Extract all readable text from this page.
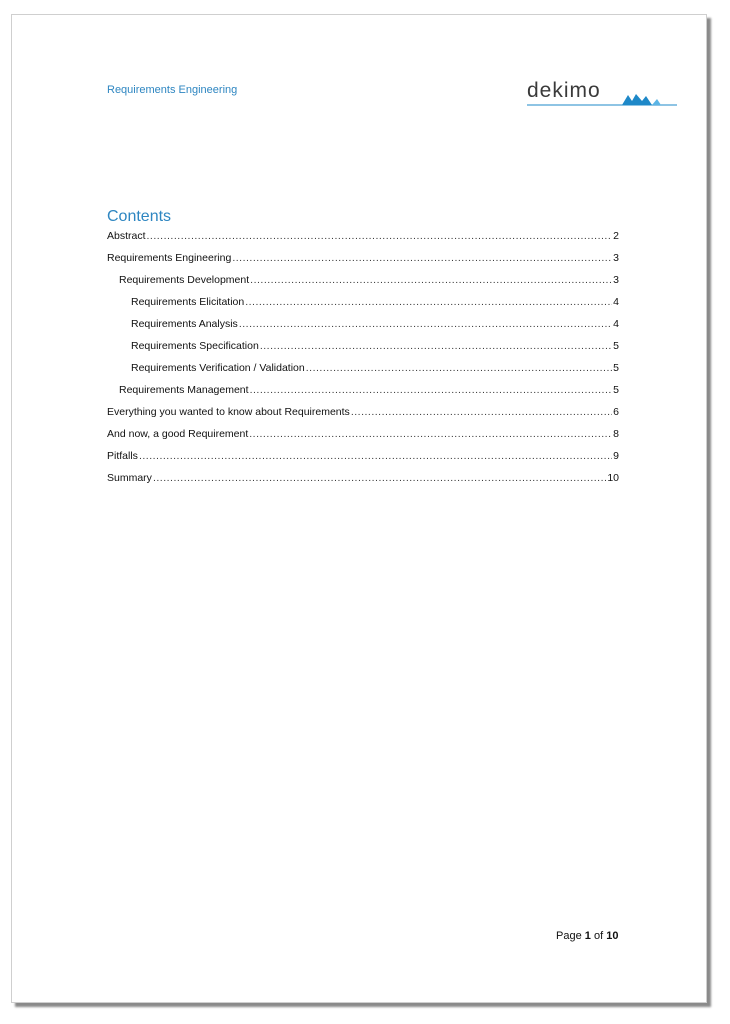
Requirements Engineering	dekimo
Contents
Abstract .....	2
Requirements Engineering .....	3
Requirements Development .....	3
Requirements Elicitation .....	4
Requirements Analysis .....	4
Requirements Specification .....	5
Requirements Verification / Validation .....	5
Requirements Management .....	5
Everything you wanted to know about Requirements .....	6
And now, a good Requirement .....	8
Pitfalls .....	9
Summary .....	10
Page 1 of 10
